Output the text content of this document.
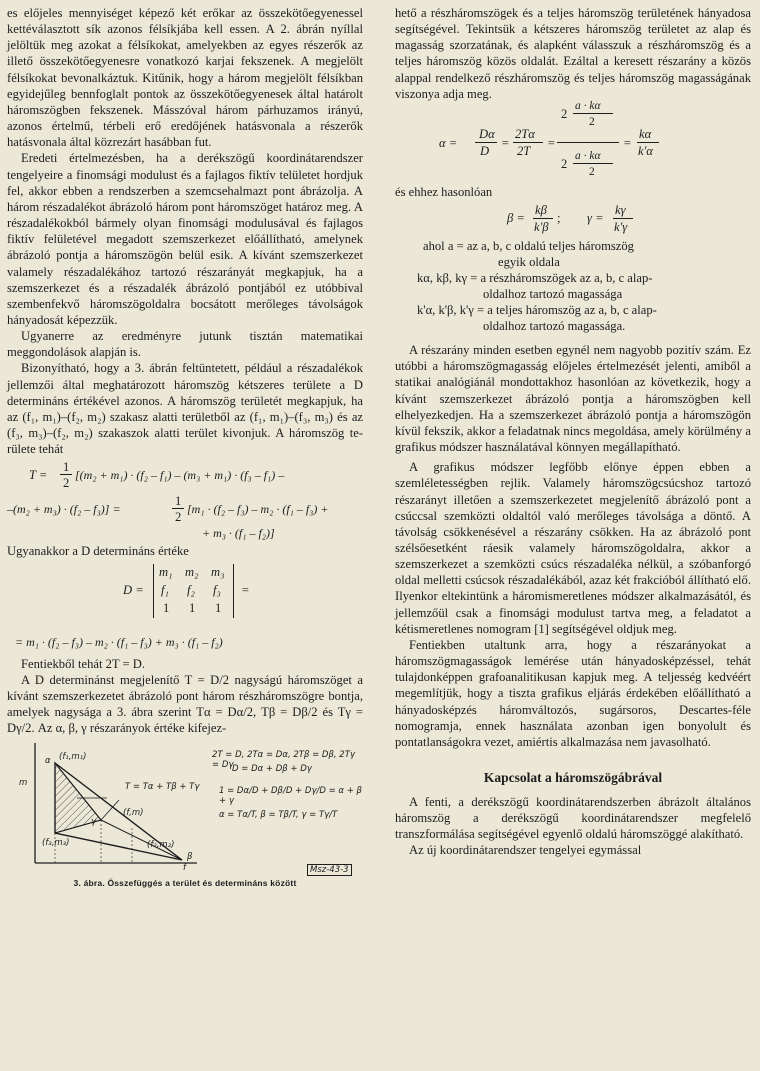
es előjeles mennyiséget képező két erőkar az összekötőegyenessel kettéválasztott sík azonos félsíkjába kell essen. A 2. ábrán nyíllal jelöltük meg azokat a félsíkokat, amelyekben az egyes részerők az illető összekötőegyenesre vonatkozó karjai fekszenek. A megjelölt félsíkokat bevonalkáztuk. Kitűnik, hogy a három megjelölt félsíkban egyidejűleg bennfoglalt pontok az összekötőegyenesek által határolt háromszögben fekszenek. Másszóval három párhuzamos irányú, azonos értelmű, térbeli erő eredőjének hatásvonala a részerők hatásvonala által közrezárt hasábban fut.

Eredeti értelmezésben, ha a derékszögű koordinátarendszer tengelyeire a finomsági modulust és a fajlagos fiktív telületet hordjuk fel, akkor ebben a rendszerben a szemcsehalmazt pont ábrázolja. A három részadalékot ábrázoló három pont háromszöget határoz meg. A részadalékokból bármely olyan finomsági modulusával és fajlagos fiktív felületével megadott szemszerkezet előállítható, amelynek ábrázoló pontja a háromszögön belül esik. A kívánt szemszerkezet valamely részadalékához tartozó részarányát megkapjuk, ha a szemszerkezet és a részadalék ábrázoló pontjából ez utóbbival szembenfekvő háromszögoldalra bocsátott merőleges távolságok hányadosát képezzük.

Ugyanerre az eredményre jutunk tisztán matematikai meggondolások alapján is.

Bizonyítható, hogy a 3. ábrán feltüntetett, például a részadalékok jellemzői által meghatározott háromszög kétszeres területe a D determináns értékével azonos. A háromszög területét megkapjuk, ha az (f₁, m₁)–(f₂, m₂) szakasz alatti területből az (f₁, m₁)–(f₃, m₃) és az (f₃, m₃)–(f₂, m₂) szakaszok alatti terület kivonjuk. A háromszög területe tehát

T =
1
2
[(m₂ + m₁) · (f₂ – f₁) – (m₃ + m₁) · (f₃ – f₁) –
–(m₂ + m₃) · (f₂ – f₃)] =
1
2
[m₁ · (f₂ – f₃) – m₂ · (f₁ – f₃) +
+ m₃ · (f₁ – f₂)]

Ugyanakkor a D determináns értéke

D =
m₁ m₂ m₃
f₁ f₂ f₃
1 1 1
=
= m₁ · (f₂ – f₃) – m₂ · (f₁ – f₃) + m₃ · (f₁ – f₂)

Fentiekből tehát 2T = D.

A D determinánst megjelenítő T = D/2 nagyságú háromszöget a kívánt szemszerkezetet ábrázoló pont három részháromszögre bontja, amelyek nagysága a 3. ábra szerint Tα = Dα/2, Tβ = Dβ/2 és Tγ = Dγ/2. Az α, β, γ részarányok értéke kifejez-

m
f
α (f₁,m₁)
β
(f₂,m₂)
γ
(f,m)
(f₃,m₃)
T = Tα + Tβ + Tγ
2T = D, 2Tα = Dα, 2Tβ = Dβ, 2Tγ = Dγ
D = Dα + Dβ + Dγ
1 = Dα/D + Dβ/D + Dγ/D = α + β + γ
α = Tα/T, β = Tβ/T, γ = Tγ/T
Msz-43-3
3. ábra. Összefüggés a terület és determináns között

hető a részháromszögek és a teljes háromszög területének hányadosa segítségével. Tekintsük a kétszeres háromszög területet az alap és magasság szorzatának, és alapként válasszuk a részháromszög és a teljes háromszög közös oldalát. Ezáltal a keresett részarány a közös alappal rendelkező részháromszög és teljes háromszög magasságának viszonya adja meg.

α =
Dα
D
=
2Tα
2T
=
2
a · kα
2
2
a · kα
2
=
kα
k'α

és ehhez hasonlóan

β =
kβ
k'β
; γ =
kγ
k'γ
ahol a = az a, b, c oldalú teljes háromszög
egyik oldala
kα, kβ, kγ = a részháromszögek az a, b, c alap-
oldalhoz tartozó magassága
k'α, k'β, k'γ = a teljes háromszög az a, b, c alap-
oldalhoz tartozó magassága.

A részarány minden esetben egynél nem nagyobb pozitív szám. Ez utóbbi a háromszögmagasság előjeles értelmezését jelenti, amiből a statikai analógiánál mondottakhoz hasonlóan az következik, hogy a kívánt szemszerkezet ábrázoló pontja a háromszögben kell elhelyezkedjen. Ha a szemszerkezet ábrázoló pontja a háromszögön kívül fekszik, akkor a feladatnak nincs megoldása, amely körülmény a grafikus módszer használatával könnyen megállapítható.

A grafikus módszer legfőbb előnye éppen ebben a szemléletességben rejlik. Valamely háromszögcsúcshoz tartozó részarányt illetően a szemszerkezetet megjelenítő ábrázoló pont a csúccsal szemközti oldaltól való merőleges távolsága a döntő. A távolság csökkenésével a részarány csökken. Ha az ábrázoló pont szélsőesetként ráesik valamely háromszögoldalra, akkor a szemszerkezet a szemközti csúcs részadaléka nélkül, a szóbanforgó oldal melletti csúcsok részadalékából, azaz két frakcióból állítható elő. Ilyenkor eltekintünk a háromismeretlenes módszer alkalmazásától, és jellemzőül csak a finomsági modulust tartva meg, a feladatot a kétismeretlenes nomogram [1] segítségével oldjuk meg.

Fentiekben utaltunk arra, hogy a részarányokat a háromszögmagasságok lemérése után hányadosképzéssel, tehát tulajdonképpen grafoanalitikusan kapjuk meg. A teljesség kedvéért megemlítjük, hogy a tiszta grafikus eljárás érdekében előállítható a hányadosképzés háromváltozós, sugársoros, Descartes-féle nomogramja, ennek használata azonban igen bonyolult és pontatlanságokra vezet, amiértis alkalmazása nem javasolható.

Kapcsolat a háromszögábrával

A fenti, a derékszögű koordinátarendszerben ábrázolt általános háromszög a derékszögű koordinátarendszer megfelelő transzformálása segítségével egyenlő oldalú háromszöggé alakítható.

Az új koordinátarendszer tengelyei egymással
